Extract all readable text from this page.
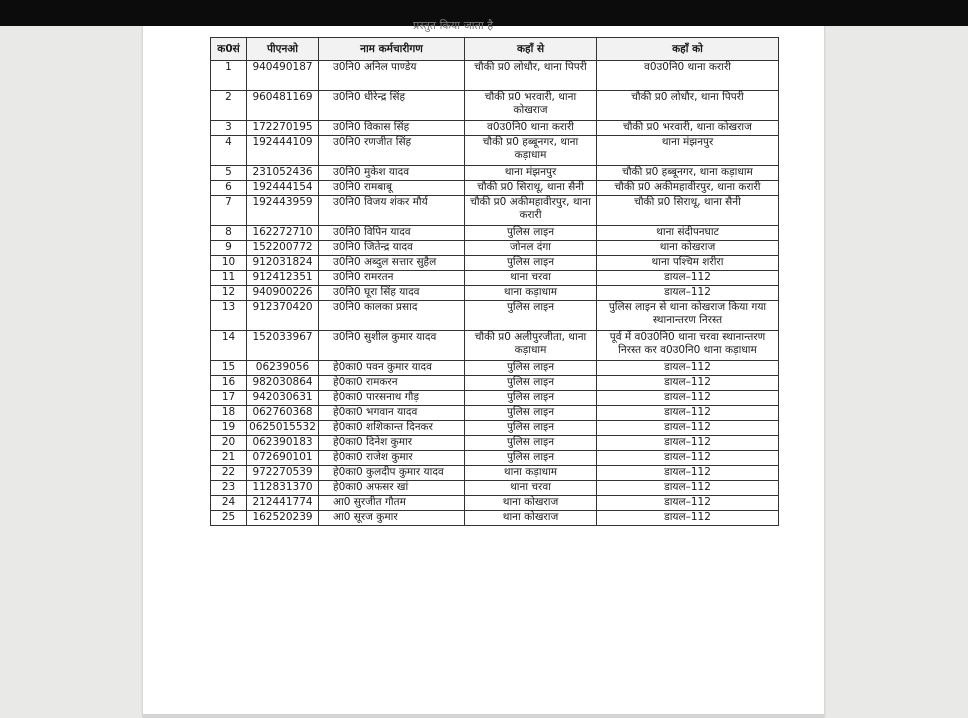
प्रस्तुत किया जाता है
क0सं	पीएनओ	नाम कर्मचारीगण	कहाँ से	कहाँ को
1	940490187	उ0नि0 अनिल पाण्डेय	चौकी प्र0 लोधौर, थाना पिपरी	व0उ0नि0 थाना करारी
2	960481169	उ0नि0 धीरेन्द्र सिंह	चौकी प्र0 भरवारी, थाना कोखराज	चौकी प्र0 लोधौर, थाना पिपरी
3	172270195	उ0नि0 विकास सिंह	व0उ0नि0 थाना करारी	चौकी प्र0 भरवारी, थाना कोखराज
4	192444109	उ0नि0 रणजीत सिंह	चौकी प्र0 हब्बूनगर, थाना कड़ाधाम	थाना मंझनपुर
5	231052436	उ0नि0 मुकेश यादव	थाना मंझनपुर	चौकी प्र0 हब्बूनगर, थाना कड़ाधाम
6	192444154	उ0नि0 रामबाबू	चौकी प्र0 सिराथू, थाना सैनी	चौकी प्र0 अकीमहावीरपुर, थाना करारी
7	192443959	उ0नि0 विजय शंकर मौर्य	चौकी प्र0 अकीमहावीरपुर, थाना करारी	चौकी प्र0 सिराथू, थाना सैनी
8	162272710	उ0नि0 विपिन यादव	पुलिस लाइन	थाना संदीपनघाट
9	152200772	उ0नि0 जितेन्द्र यादव	जोनल दंगा	थाना कोखराज
10	912031824	उ0नि0 अब्दुल सत्तार सुहैल	पुलिस लाइन	थाना पश्चिम शरीरा
11	912412351	उ0नि0 रामरतन	थाना चरवा	डायल–112
12	940900226	उ0नि0 घूरा सिंह यादव	थाना कड़ाधाम	डायल–112
13	912370420	उ0नि0 कालका प्रसाद	पुलिस लाइन	पुलिस लाइन से थाना कोखराज किया गया स्थानान्तरण निरस्त
14	152033967	उ0नि0 सुशील कुमार यादव	चौकी प्र0 अलीपुरजीता, थाना कड़ाधाम	पूर्व में व0उ0नि0 थाना चरवा स्थानान्तरण निरस्त कर व0उ0नि0 थाना कड़ाधाम
15	06239056	हे0का0 पवन कुमार यादव	पुलिस लाइन	डायल–112
16	982030864	हे0का0 रामकरन	पुलिस लाइन	डायल–112
17	942030631	हे0का0 पारसनाथ गौड़	पुलिस लाइन	डायल–112
18	062760368	हे0का0 भगवान यादव	पुलिस लाइन	डायल–112
19	0625015532	हे0का0 शशिकान्त दिनकर	पुलिस लाइन	डायल–112
20	062390183	हे0का0 दिनेश कुमार	पुलिस लाइन	डायल–112
21	072690101	हे0का0 राजेश कुमार	पुलिस लाइन	डायल–112
22	972270539	हे0का0 कुलदीप कुमार यादव	थाना कड़ाधाम	डायल–112
23	112831370	हे0का0 अफसर खां	थाना चरवा	डायल–112
24	212441774	आ0 सुरजीत गौतम	थाना कोखराज	डायल–112
25	162520239	आ0 सूरज कुमार	थाना कोखराज	डायल–112
